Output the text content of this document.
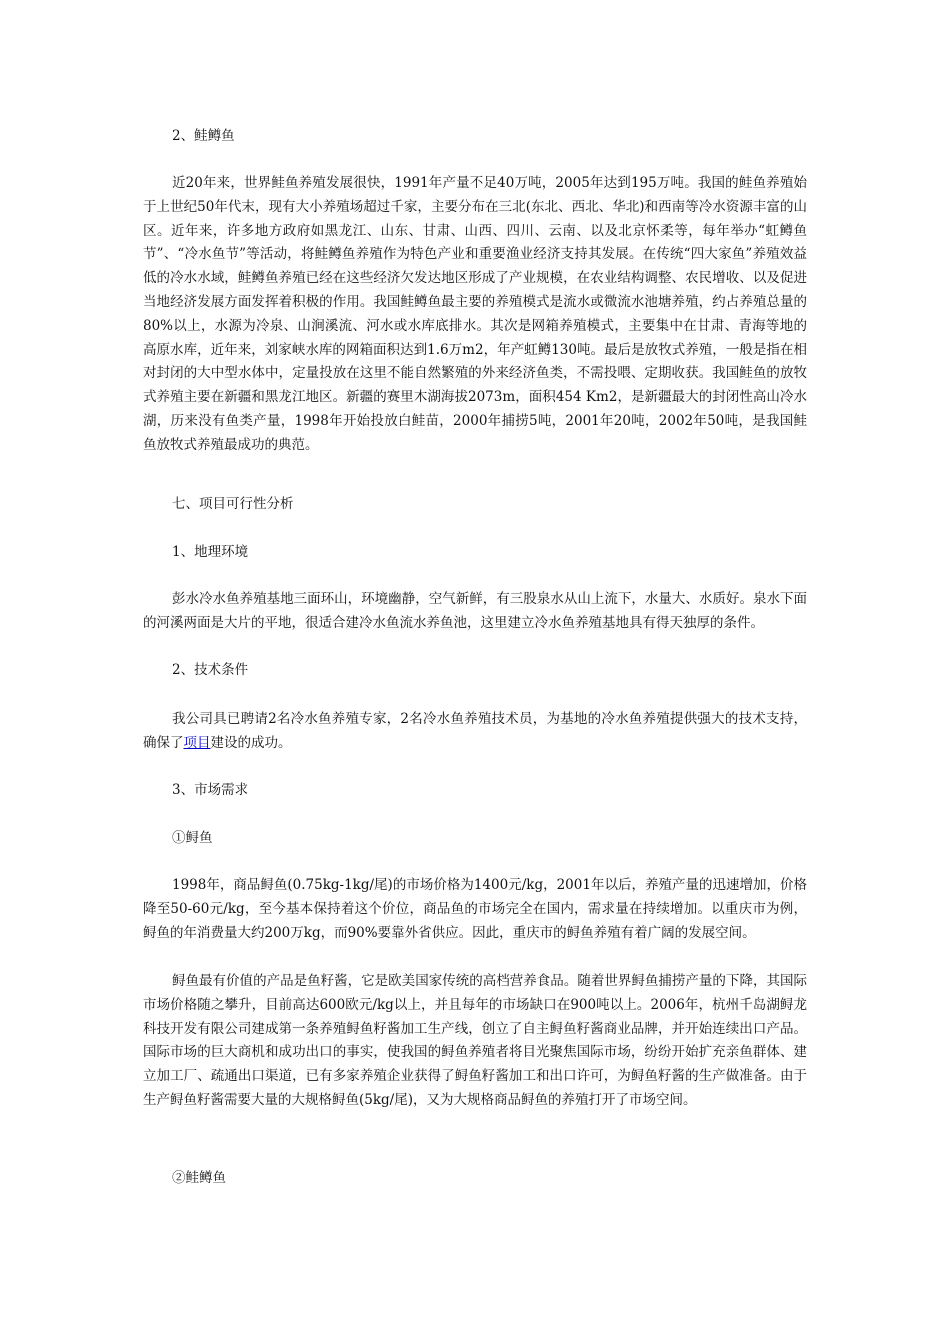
2、鲑鳟鱼
近20年来，世界鲑鱼养殖发展很快，1991年产量不足40万吨，2005年达到195万吨。我国的鲑鱼养殖始于上世纪50年代末，现有大小养殖场超过千家，主要分布在三北(东北、西北、华北)和西南等冷水资源丰富的山区。近年来，许多地方政府如黑龙江、山东、甘肃、山西、四川、云南、以及北京怀柔等，每年举办“虹鳟鱼节”、“冷水鱼节”等活动，将鲑鳟鱼养殖作为特色产业和重要渔业经济支持其发展。在传统“四大家鱼”养殖效益低的冷水水域，鲑鳟鱼养殖已经在这些经济欠发达地区形成了产业规模，在农业结构调整、农民增收、以及促进当地经济发展方面发挥着积极的作用。我国鲑鳟鱼最主要的养殖模式是流水或微流水池塘养殖，约占养殖总量的80%以上，水源为冷泉、山涧溪流、河水或水库底排水。其次是网箱养殖模式，主要集中在甘肃、青海等地的高原水库，近年来，刘家峡水库的网箱面积达到1.6万m2，年产虹鳟130吨。最后是放牧式养殖，一般是指在相对封闭的大中型水体中，定量投放在这里不能自然繁殖的外来经济鱼类，不需投喂、定期收获。我国鲑鱼的放牧式养殖主要在新疆和黑龙江地区。新疆的赛里木湖海拔2073m，面积454 Km2，是新疆最大的封闭性高山冷水湖，历来没有鱼类产量，1998年开始投放白鲑苗，2000年捕捞5吨，2001年20吨，2002年50吨，是我国鲑鱼放牧式养殖最成功的典范。
七、项目可行性分析
1、地理环境
彭水冷水鱼养殖基地三面环山，环境幽静，空气新鲜，有三股泉水从山上流下，水量大、水质好。泉水下面的河溪两面是大片的平地，很适合建冷水鱼流水养鱼池，这里建立冷水鱼养殖基地具有得天独厚的条件。
2、技术条件
我公司具已聘请2名冷水鱼养殖专家，2名冷水鱼养殖技术员，为基地的冷水鱼养殖提供强大的技术支持，确保了项目建设的成功。
3、市场需求
①鲟鱼
1998年，商品鲟鱼(0.75kg-1kg/尾)的市场价格为1400元/kg，2001年以后，养殖产量的迅速增加，价格降至50-60元/kg，至今基本保持着这个价位，商品鱼的市场完全在国内，需求量在持续增加。以重庆市为例，鲟鱼的年消费量大约200万kg，而90%要靠外省供应。因此，重庆市的鲟鱼养殖有着广阔的发展空间。
鲟鱼最有价值的产品是鱼籽酱，它是欧美国家传统的高档营养食品。随着世界鲟鱼捕捞产量的下降，其国际市场价格随之攀升，目前高达600欧元/kg以上，并且每年的市场缺口在900吨以上。2006年，杭州千岛湖鲟龙科技开发有限公司建成第一条养殖鲟鱼籽酱加工生产线，创立了自主鲟鱼籽酱商业品牌，并开始连续出口产品。国际市场的巨大商机和成功出口的事实，使我国的鲟鱼养殖者将目光聚焦国际市场，纷纷开始扩充亲鱼群体、建立加工厂、疏通出口渠道，已有多家养殖企业获得了鲟鱼籽酱加工和出口许可，为鲟鱼籽酱的生产做准备。由于生产鲟鱼籽酱需要大量的大规格鲟鱼(5kg/尾)，又为大规格商品鲟鱼的养殖打开了市场空间。
②鲑鳟鱼
